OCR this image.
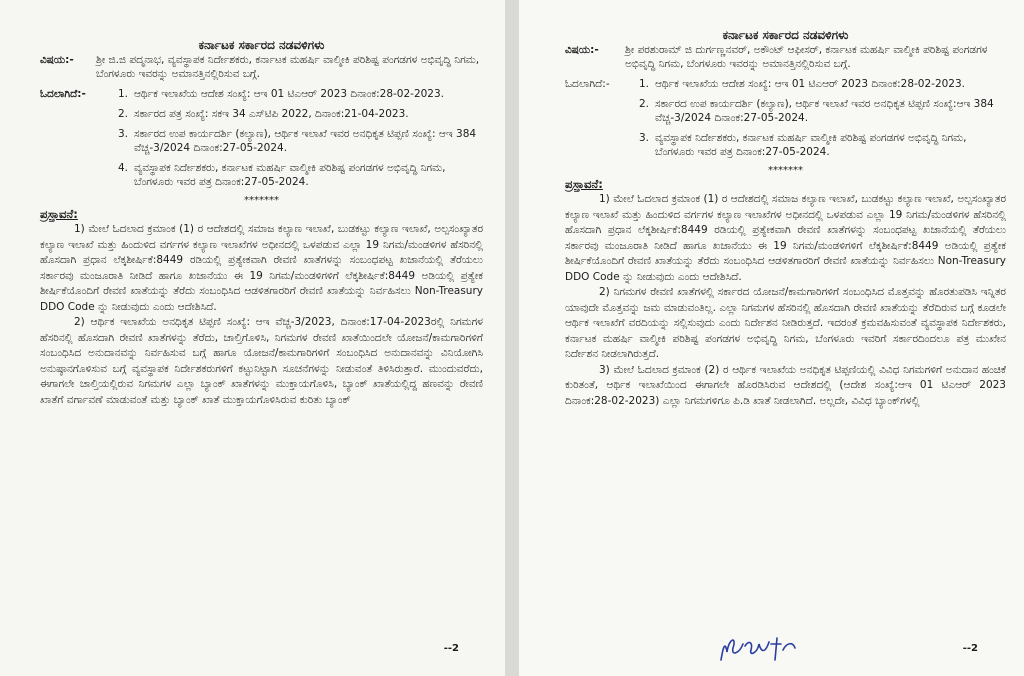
ಕರ್ನಾಟಕ ಸರ್ಕಾರದ ನಡವಳಿಗಳು

ವಿಷಯ:-	ಶ್ರೀ ಜಿ.ಜಿ ಪದ್ಮನಾಭ, ವ್ಯವಸ್ಥಾಪಕ ನಿರ್ದೇಶಕರು, ಕರ್ನಾಟಕ ಮಹರ್ಷಿ ವಾಲ್ಮೀಕಿ ಪರಿಶಿಷ್ಟ ಪಂಗಡಗಳ ಅಭಿವೃದ್ಧಿ ನಿಗಮ, ಬೆಂಗಳೂರು ಇವರನ್ನು ಅಮಾನತ್ತಿನಲ್ಲಿರಿಸುವ ಬಗ್ಗೆ.
ಓದಲಾಗಿದೆ:-	1. ಆರ್ಥಿಕ ಇಲಾಖೆಯ ಆದೇಶ ಸಂಖ್ಯೆ: ಆಇ 01 ಟಿಎಆರ್ 2023 ದಿನಾಂಕ:28-02-2023.
2. ಸರ್ಕಾರದ ಪತ್ರ ಸಂಖ್ಯೆ: ಸಕಇ 34 ಎಸ್‌ಟಿಪಿ 2022, ದಿನಾಂಕ:21-04-2023.
3. ಸರ್ಕಾರದ ಉಪ ಕಾರ್ಯದರ್ಶಿ (ಕಲ್ಯಾಣ), ಆರ್ಥಿಕ ಇಲಾಖೆ ಇವರ ಅನಧಿಕೃತ ಟಿಪ್ಪಣಿ ಸಂಖ್ಯೆ: ಆಇ 384 ವೆಚ್ಚ-3/2024 ದಿನಾಂಕ:27-05-2024.
4. ವ್ಯವಸ್ಥಾಪಕ ನಿರ್ದೇಶಕರು, ಕರ್ನಾಟಕ ಮಹರ್ಷಿ ವಾಲ್ಮೀಕಿ ಪರಿಶಿಷ್ಟ ಪಂಗಡಗಳ ಅಭಿವೃದ್ಧಿ ನಿಗಮ, ಬೆಂಗಳೂರು ಇವರ ಪತ್ರ ದಿನಾಂಕ:27-05-2024.

*******

ಪ್ರಸ್ತಾವನೆ:

1) ಮೇಲೆ ಓದಲಾದ ಕ್ರಮಾಂಕ (1) ರ ಆದೇಶದಲ್ಲಿ ಸಮಾಜ ಕಲ್ಯಾಣ ಇಲಾಖೆ, ಬುಡಕಟ್ಟು ಕಲ್ಯಾಣ ಇಲಾಖೆ, ಅಲ್ಪಸಂಖ್ಯಾತರ ಕಲ್ಯಾಣ ಇಲಾಖೆ ಮತ್ತು ಹಿಂದುಳಿದ ವರ್ಗಗಳ ಕಲ್ಯಾಣ ಇಲಾಖೆಗಳ ಅಧೀನದಲ್ಲಿ ಒಳಪಡುವ ಎಲ್ಲಾ 19 ನಿಗಮ/ಮಂಡಳಿಗಳ ಹೆಸರಿನಲ್ಲಿ ಹೊಸದಾಗಿ ಪ್ರಧಾನ ಲೆಕ್ಕಶೀರ್ಷಿಕೆ:8449 ರಡಿಯಲ್ಲಿ ಪ್ರತ್ಯೇಕವಾಗಿ ರೇವಣಿ ಖಾತೆಗಳನ್ನು ಸಂಬಂಧಪಟ್ಟ ಖಜಾನೆಯಲ್ಲಿ ತೆರೆಯಲು ಸರ್ಕಾರವು ಮಂಜೂರಾತಿ ನೀಡಿದೆ ಹಾಗೂ ಖಜಾನೆಯು ಈ 19 ನಿಗಮ/ಮಂಡಳಿಗಳಿಗೆ ಲೆಕ್ಕಶೀರ್ಷಿಕೆ:8449 ಅಡಿಯಲ್ಲಿ ಪ್ರತ್ಯೇಕ ಶೀರ್ಷಿಕೆಯೊಂದಿಗೆ ರೇವಣಿ ಖಾತೆಯನ್ನು ತೆರೆದು ಸಂಬಂಧಿಸಿದ ಆಡಳಿತಗಾರರಿಗೆ ರೇವಣಿ ಖಾತೆಯನ್ನು ನಿರ್ವಹಿಸಲು Non-Treasury DDO Code ನ್ನು ನೀಡುವುದು ಎಂದು ಆದೇಶಿಸಿದೆ.

2) ಆರ್ಥಿಕ ಇಲಾಖೆಯ ಅನಧಿಕೃತ ಟಿಪ್ಪಣಿ ಸಂಖ್ಯೆ: ಆಇ ವೆಚ್ಚ-3/2023, ದಿನಾಂಕ:17-04-2023ರಲ್ಲಿ ನಿಗಮಗಳ ಹೆಸರಿನಲ್ಲಿ ಹೊಸದಾಗಿ ರೇವಣಿ ಖಾತೆಗಳನ್ನು ತೆರೆದು, ಚಾಲ್ತಿಗೊಳಿಸಿ, ನಿಗಮಗಳ ರೇವಣಿ ಖಾತೆಯಿಂದಲೇ ಯೋಜನೆ/ಕಾಮಗಾರಿಗಳಿಗೆ ಸಂಬಂಧಿಸಿದ ಅನುದಾನವನ್ನು ನಿರ್ವಹಿಸುವ ಬಗ್ಗೆ ಹಾಗೂ ಯೋಜನೆ/ಕಾಮಗಾರಿಗಳಿಗೆ ಸಂಬಂಧಿಸಿದ ಅನುದಾನವನ್ನು ವಿನಿಯೋಗಿಸಿ ಅನುಷ್ಠಾನಗೊಳಿಸುವ ಬಗ್ಗೆ ವ್ಯವಸ್ಥಾಪಕ ನಿರ್ದೇಶಕರುಗಳಿಗೆ ಕಟ್ಟುನಿಟ್ಟಾಗಿ ಸೂಚನೆಗಳನ್ನು ನೀಡುವಂತೆ ತಿಳಿಸಿರುತ್ತಾರೆ. ಮುಂದುವರೆದು, ಈಗಾಗಲೇ ಚಾಲ್ತಿಯಲ್ಲಿರುವ ನಿಗಮಗಳ ಎಲ್ಲಾ ಬ್ಯಾಂಕ್ ಖಾತೆಗಳನ್ನು ಮುಕ್ತಾಯಗೊಳಿಸಿ, ಬ್ಯಾಂಕ್ ಖಾತೆಯಲ್ಲಿದ್ದ ಹಣವನ್ನು ರೇವಣಿ ಖಾತೆಗೆ ವರ್ಗಾವಣೆ ಮಾಡುವಂತೆ ಮತ್ತು ಬ್ಯಾಂಕ್ ಖಾತೆ ಮುಕ್ತಾಯಗೊಳಿಸಿರುವ ಕುರಿತು ಬ್ಯಾಂಕ್

--2

ಕರ್ನಾಟಕ ಸರ್ಕಾರದ ನಡವಳಿಗಳು

ವಿಷಯ:-	ಶ್ರೀ ಪರಶುರಾಮ್ ಜಿ ದುರ್ಗಣ್ಣನವರ್, ಅಕೌಂಟ್ ಆಫೀಸರ್, ಕರ್ನಾಟಕ ಮಹರ್ಷಿ ವಾಲ್ಮೀಕಿ ಪರಿಶಿಷ್ಟ ಪಂಗಡಗಳ ಅಭಿವೃದ್ಧಿ ನಿಗಮ, ಬೆಂಗಳೂರು ಇವರನ್ನು ಅಮಾನತ್ತಿನಲ್ಲಿರಿಸುವ ಬಗ್ಗೆ.
ಓದಲಾಗಿದೆ:-	1. ಆರ್ಥಿಕ ಇಲಾಖೆಯ ಆದೇಶ ಸಂಖ್ಯೆ: ಆಇ 01 ಟಿಎಆರ್ 2023 ದಿನಾಂಕ:28-02-2023.
2. ಸರ್ಕಾರದ ಉಪ ಕಾರ್ಯದರ್ಶಿ (ಕಲ್ಯಾಣ), ಆರ್ಥಿಕ ಇಲಾಖೆ ಇವರ ಅನಧಿಕೃತ ಟಿಪ್ಪಣಿ ಸಂಖ್ಯೆ:ಆಇ 384 ವೆಚ್ಚ-3/2024 ದಿನಾಂಕ:27-05-2024.
3. ವ್ಯವಸ್ಥಾಪಕ ನಿರ್ದೇಶಕರು, ಕರ್ನಾಟಕ ಮಹರ್ಷಿ ವಾಲ್ಮೀಕಿ ಪರಿಶಿಷ್ಟ ಪಂಗಡಗಳ ಅಭಿವೃದ್ಧಿ ನಿಗಮ, ಬೆಂಗಳೂರು ಇವರ ಪತ್ರ ದಿನಾಂಕ:27-05-2024.

*******

ಪ್ರಸ್ತಾವನೆ:

1) ಮೇಲೆ ಓದಲಾದ ಕ್ರಮಾಂಕ (1) ರ ಆದೇಶದಲ್ಲಿ ಸಮಾಜ ಕಲ್ಯಾಣ ಇಲಾಖೆ, ಬುಡಕಟ್ಟು ಕಲ್ಯಾಣ ಇಲಾಖೆ, ಅಲ್ಪಸಂಖ್ಯಾತರ ಕಲ್ಯಾಣ ಇಲಾಖೆ ಮತ್ತು ಹಿಂದುಳಿದ ವರ್ಗಗಳ ಕಲ್ಯಾಣ ಇಲಾಖೆಗಳ ಅಧೀನದಲ್ಲಿ ಒಳಪಡುವ ಎಲ್ಲಾ 19 ನಿಗಮ/ಮಂಡಳಿಗಳ ಹೆಸರಿನಲ್ಲಿ ಹೊಸದಾಗಿ ಪ್ರಧಾನ ಲೆಕ್ಕಶೀರ್ಷಿಕೆ:8449 ರಡಿಯಲ್ಲಿ ಪ್ರತ್ಯೇಕವಾಗಿ ರೇವಣಿ ಖಾತೆಗಳನ್ನು ಸಂಬಂಧಪಟ್ಟ ಖಜಾನೆಯಲ್ಲಿ ತೆರೆಯಲು ಸರ್ಕಾರವು ಮಂಜೂರಾತಿ ನೀಡಿದೆ ಹಾಗೂ ಖಜಾನೆಯು ಈ 19 ನಿಗಮ/ಮಂಡಳಿಗಳಿಗೆ ಲೆಕ್ಕಶೀರ್ಷಿಕೆ:8449 ಅಡಿಯಲ್ಲಿ ಪ್ರತ್ಯೇಕ ಶೀರ್ಷಿಕೆಯೊಂದಿಗೆ ರೇವಣಿ ಖಾತೆಯನ್ನು ತೆರೆದು ಸಂಬಂಧಿಸಿದ ಆಡಳಿತಗಾರರಿಗೆ ರೇವಣಿ ಖಾತೆಯನ್ನು ನಿರ್ವಹಿಸಲು Non-Treasury DDO Code ನ್ನು ನೀಡುವುದು ಎಂದು ಆದೇಶಿಸಿದೆ.

2) ನಿಗಮಗಳ ರೇವಣಿ ಖಾತೆಗಳಲ್ಲಿ ಸರ್ಕಾರದ ಯೋಜನೆ/ಕಾಮಗಾರಿಗಳಿಗೆ ಸಂಬಂಧಿಸಿದ ಮೊತ್ತವನ್ನು ಹೊರತುಪಡಿಸಿ ಇನ್ನಿತರ ಯಾವುದೇ ಮೊತ್ತವನ್ನು ಜಮ ಮಾಡುವಂತಿಲ್ಲ. ಎಲ್ಲಾ ನಿಗಮಗಳ ಹೆಸರಿನಲ್ಲಿ ಹೊಸದಾಗಿ ರೇವಣಿ ಖಾತೆಯನ್ನು ತೆರೆದಿರುವ ಬಗ್ಗೆ ಕೂಡಲೇ ಆರ್ಥಿಕ ಇಲಾಖೆಗೆ ವರದಿಯನ್ನು ಸಲ್ಲಿಸುವುದು ಎಂದು ನಿರ್ದೇಶನ ನೀಡಿರುತ್ತದೆ. ಇದರಂತೆ ಕ್ರಮವಹಿಸುವಂತೆ ವ್ಯವಸ್ಥಾಪಕ ನಿರ್ದೇಶಕರು, ಕರ್ನಾಟಕ ಮಹರ್ಷಿ ವಾಲ್ಮೀಕಿ ಪರಿಶಿಷ್ಟ ಪಂಗಡಗಳ ಅಭಿವೃದ್ಧಿ ನಿಗಮ, ಬೆಂಗಳೂರು ಇವರಿಗೆ ಸರ್ಕಾರದಿಂದಲೂ ಪತ್ರ ಮುಖೇನ ನಿರ್ದೇಶನ ನೀಡಲಾಗಿರುತ್ತದೆ.

3) ಮೇಲೆ ಓದಲಾದ ಕ್ರಮಾಂಕ (2) ರ ಆರ್ಥಿಕ ಇಲಾಖೆಯ ಅನಧಿಕೃತ ಟಿಪ್ಪಣಿಯಲ್ಲಿ ವಿವಿಧ ನಿಗಮಗಳಿಗೆ ಅನುದಾನ ಹಂಚಿಕೆ ಕುರಿತಂತೆ, ಆರ್ಥಿಕ ಇಲಾಖೆಯಿಂದ ಈಗಾಗಲೇ ಹೊರಡಿಸಿರುವ ಆದೇಶದಲ್ಲಿ (ಆದೇಶ ಸಂಖ್ಯೆ:ಆಇ 01 ಟಿಎಆರ್ 2023 ದಿನಾಂಕ:28-02-2023) ಎಲ್ಲಾ ನಿಗಮಗಳಿಗೂ ಪಿ.ಡಿ ಖಾತೆ ನೀಡಲಾಗಿದೆ. ಅಲ್ಲದೇ, ವಿವಿಧ ಬ್ಯಾಂಕ್‌ಗಳಲ್ಲಿ

--2
